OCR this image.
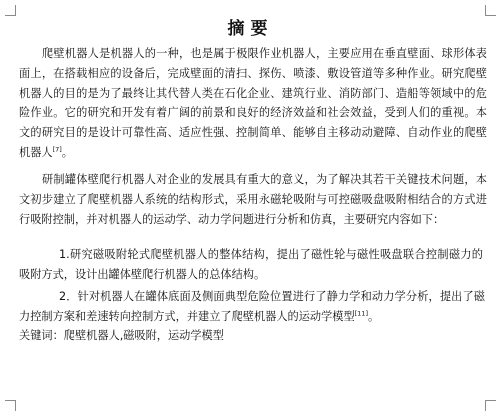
摘要

爬壁机器人是机器人的一种，也是属于极限作业机器人，主要应用在垂直壁面、球形体表面上，在搭载相应的设备后，完成壁面的清扫、探伤、喷漆、敷设管道等多种作业。研究爬壁机器人的目的是为了最终让其代替人类在石化企业、建筑行业、消防部门、造船等领域中的危险作业。它的研究和开发有着广阔的前景和良好的经济效益和社会效益，受到人们的重视。本文的研究目的是设计可靠性高、适应性强、控制简单、能够自主移动动避障、自动作业的爬壁机器人[7]。

研制罐体壁爬行机器人对企业的发展具有重大的意义，为了解决其若干关键技术问题，本文初步建立了爬壁机器人系统的结构形式，采用永磁轮吸附与可控磁吸盘吸附相结合的方式进行吸附控制，并对机器人的运动学、动力学问题进行分析和仿真，主要研究内容如下：

1.研究磁吸附轮式爬壁机器人的整体结构，提出了磁性轮与磁性吸盘联合控制磁力的吸附方式，设计出罐体壁爬行机器人的总体结构。

2．针对机器人在罐体底面及侧面典型危险位置进行了静力学和动力学分析，提出了磁力控制方案和差速转向控制方式，并建立了爬壁机器人的运动学模型[11]。

关键词：爬壁机器人,磁吸附，运动学模型
